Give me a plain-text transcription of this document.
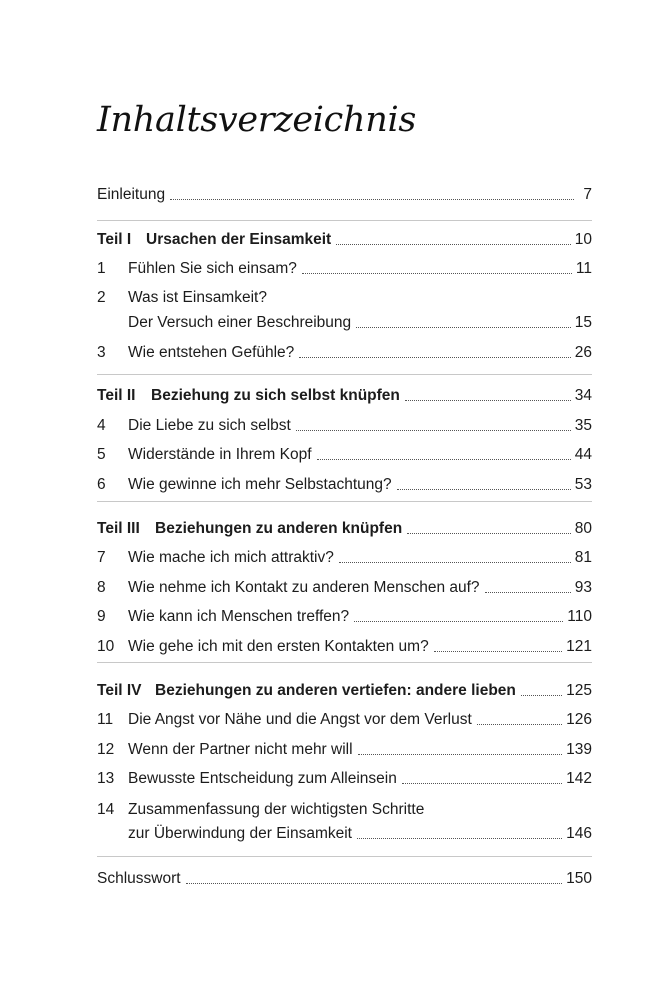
Inhaltsverzeichnis
Einleitung	7
Teil I Ursachen der Einsamkeit	10
1	Fühlen Sie sich einsam?	11
2	Was ist Einsamkeit?
Der Versuch einer Beschreibung	15
3	Wie entstehen Gefühle?	26
Teil II	Beziehung zu sich selbst knüpfen	34
4	Die Liebe zu sich selbst	35
5	Widerstände in Ihrem Kopf	44
6	Wie gewinne ich mehr Selbstachtung?	53
Teil III Beziehungen zu anderen knüpfen	80
7	Wie mache ich mich attraktiv?	81
8	Wie nehme ich Kontakt zu anderen Menschen auf?	93
9	Wie kann ich Menschen treffen?	110
10 Wie gehe ich mit den ersten Kontakten um?	121
Teil IV Beziehungen zu anderen vertiefen: andere lieben	125
11 Die Angst vor Nähe und die Angst vor dem Verlust	126
12 Wenn der Partner nicht mehr will	139
13 Bewusste Entscheidung zum Alleinsein	142
14 Zusammenfassung der wichtigsten Schritte
zur Überwindung der Einsamkeit	146
Schlusswort	150
